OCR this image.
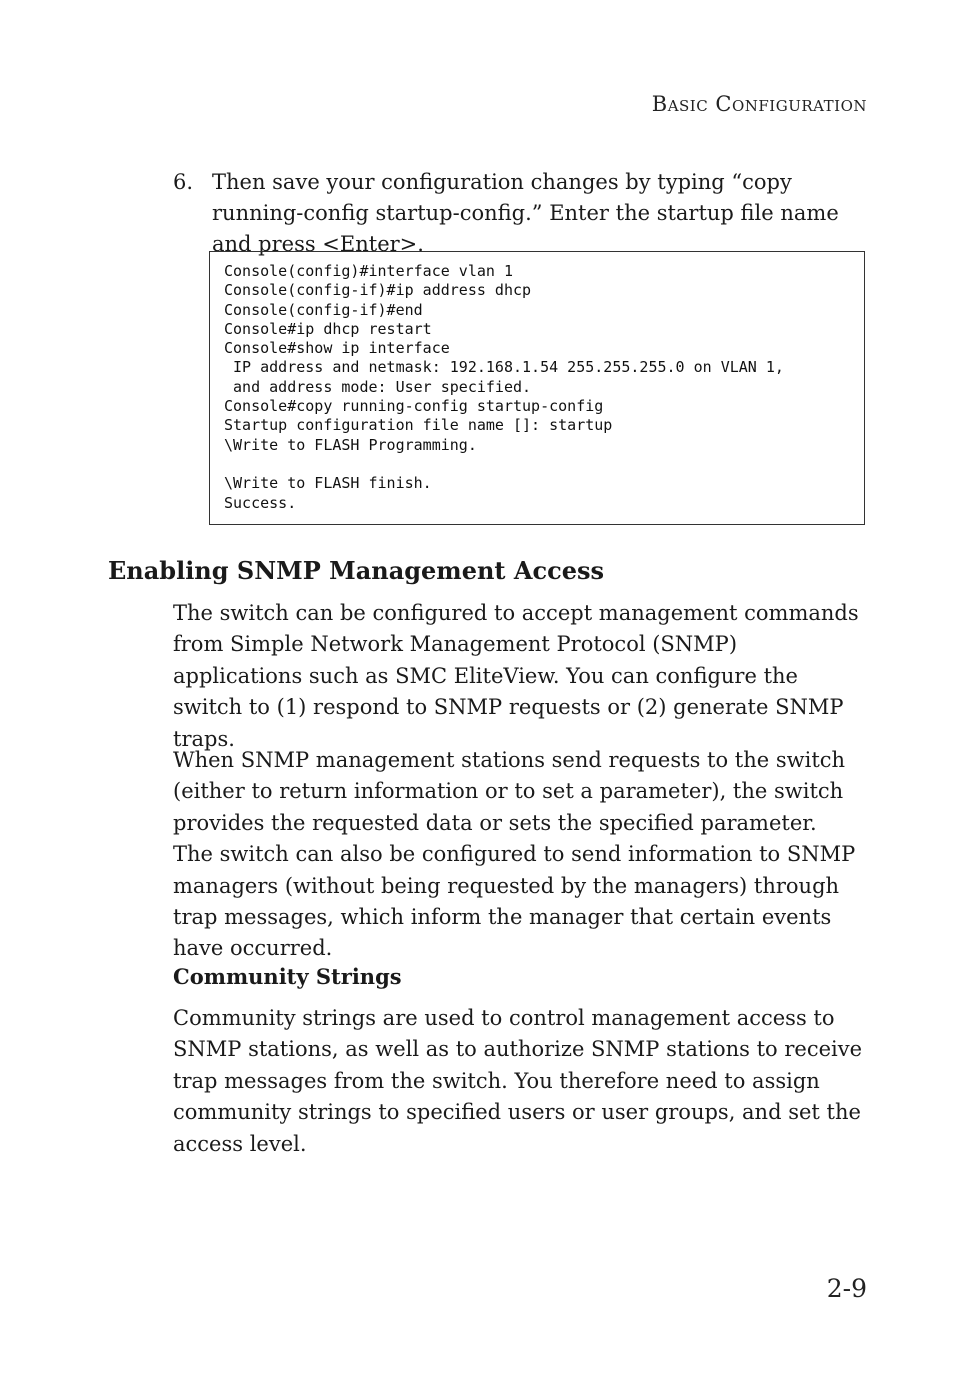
Basic Configuration
6. Then save your configuration changes by typing “copy running-config startup-config.” Enter the startup file name and press <Enter>.
Console(config)#interface vlan 1
Console(config-if)#ip address dhcp
Console(config-if)#end
Console#ip dhcp restart
Console#show ip interface
IP address and netmask: 192.168.1.54 255.255.255.0 on VLAN 1,
and address mode: User specified.
Console#copy running-config startup-config
Startup configuration file name []: startup
\Write to FLASH Programming.
\Write to FLASH finish.
Success.
Enabling SNMP Management Access

The switch can be configured to accept management commands from Simple Network Management Protocol (SNMP) applications such as SMC EliteView. You can configure the switch to (1) respond to SNMP requests or (2) generate SNMP traps.

When SNMP management stations send requests to the switch (either to return information or to set a parameter), the switch provides the requested data or sets the specified parameter. The switch can also be configured to send information to SNMP managers (without being requested by the managers) through trap messages, which inform the manager that certain events have occurred.

Community Strings

Community strings are used to control management access to SNMP stations, as well as to authorize SNMP stations to receive trap messages from the switch. You therefore need to assign community strings to specified users or user groups, and set the access level.

2-9
